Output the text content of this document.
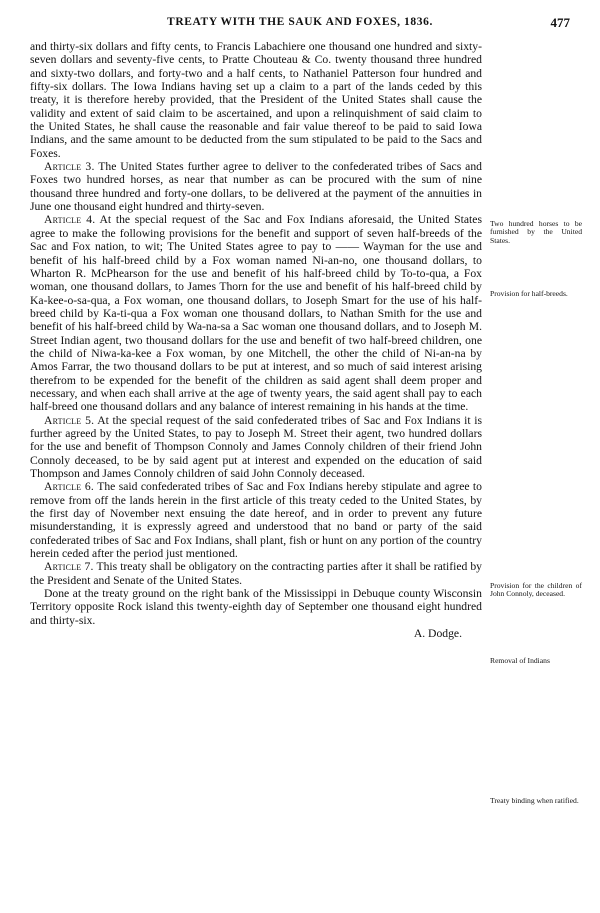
TREATY WITH THE SAUK AND FOXES, 1836.	477

and thirty-six dollars and fifty cents, to Francis Labachiere one thousand one hundred and sixty-seven dollars and seventy-five cents, to Pratte Chouteau & Co. twenty thousand three hundred and sixty-two dollars, and forty-two and a half cents, to Nathaniel Patterson four hundred and fifty-six dollars. The Iowa Indians having set up a claim to a part of the lands ceded by this treaty, it is therefore hereby provided, that the President of the United States shall cause the validity and extent of said claim to be ascertained, and upon a relinquishment of said claim to the United States, he shall cause the reasonable and fair value thereof to be paid to said Iowa Indians, and the same amount to be deducted from the sum stipulated to be paid to the Sacs and Foxes.

Article 3. The United States further agree to deliver to the confederated tribes of Sacs and Foxes two hundred horses, as near that number as can be procured with the sum of nine thousand three hundred and forty-one dollars, to be delivered at the payment of the annuities in June one thousand eight hundred and thirty-seven.

Article 4. At the special request of the Sac and Fox Indians aforesaid, the United States agree to make the following provisions for the benefit and support of seven half-breeds of the Sac and Fox nation, to wit; The United States agree to pay to —— Wayman for the use and benefit of his half-breed child by a Fox woman named Ni-an-no, one thousand dollars, to Wharton R. McPhearson for the use and benefit of his half-breed child by To-to-qua, a Fox woman, one thousand dollars, to James Thorn for the use and benefit of his half-breed child by Ka-kee-o-sa-qua, a Fox woman, one thousand dollars, to Joseph Smart for the use of his half-breed child by Ka-ti-qua a Fox woman one thousand dollars, to Nathan Smith for the use and benefit of his half-breed child by Wa-na-sa a Sac woman one thousand dollars, and to Joseph M. Street Indian agent, two thousand dollars for the use and benefit of two half-breed children, one the child of Niwa-ka-kee a Fox woman, by one Mitchell, the other the child of Ni-an-na by Amos Farrar, the two thousand dollars to be put at interest, and so much of said interest arising therefrom to be expended for the benefit of the children as said agent shall deem proper and necessary, and when each shall arrive at the age of twenty years, the said agent shall pay to each half-breed one thousand dollars and any balance of interest remaining in his hands at the time.

Article 5. At the special request of the said confederated tribes of Sac and Fox Indians it is further agreed by the United States, to pay to Joseph M. Street their agent, two hundred dollars for the use and benefit of Thompson Connoly and James Connoly children of their friend John Connoly deceased, to be by said agent put at interest and expended on the education of said Thompson and James Connoly children of said John Connoly deceased.

Article 6. The said confederated tribes of Sac and Fox Indians hereby stipulate and agree to remove from off the lands herein in the first article of this treaty ceded to the United States, by the first day of November next ensuing the date hereof, and in order to prevent any future misunderstanding, it is expressly agreed and understood that no band or party of the said confederated tribes of Sac and Fox Indians, shall plant, fish or hunt on any portion of the country herein ceded after the period just mentioned.

Article 7. This treaty shall be obligatory on the contracting parties after it shall be ratified by the President and Senate of the United States.

Done at the treaty ground on the right bank of the Mississippi in Debuque county Wisconsin Territory opposite Rock island this twenty-eighth day of September one thousand eight hundred and thirty-six.

A. Dodge.

Two hundred horses to be furnished by the United States.
Provision for half-breeds.
Provision for the children of John Connoly, deceased.
Removal of Indians
Treaty binding when ratified.
